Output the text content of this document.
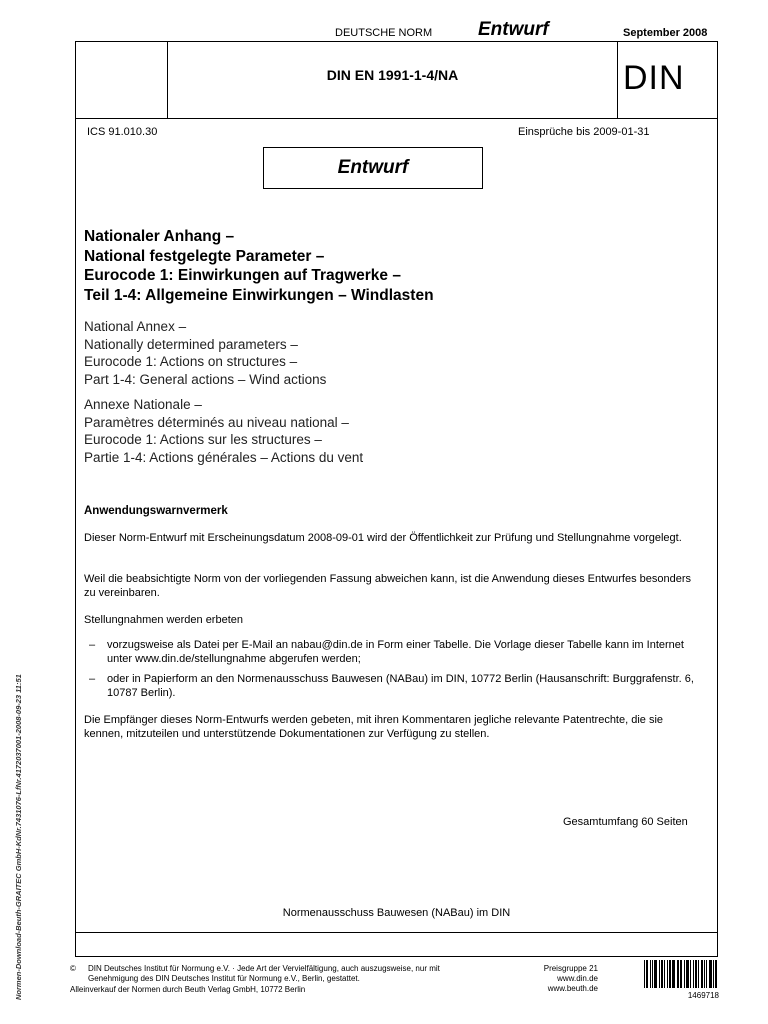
DEUTSCHE NORM Entwurf	September 2008
DIN EN 1991-1-4/NA	DIN
ICS 91.010.30	Einsprüche bis 2009-01-31
Entwurf
Nationaler Anhang –
National festgelegte Parameter –
Eurocode 1: Einwirkungen auf Tragwerke –
Teil 1-4: Allgemeine Einwirkungen – Windlasten
National Annex –
Nationally determined parameters –
Eurocode 1: Actions on structures –
Part 1-4: General actions – Wind actions
Annexe Nationale –
Paramètres déterminés au niveau national –
Eurocode 1: Actions sur les structures –
Partie 1-4: Actions générales – Actions du vent
Anwendungswarnvermerk
Dieser Norm-Entwurf mit Erscheinungsdatum 2008-09-01 wird der Öffentlichkeit zur Prüfung und Stellungnahme vorgelegt.
Weil die beabsichtigte Norm von der vorliegenden Fassung abweichen kann, ist die Anwendung dieses Entwurfes besonders zu vereinbaren.
Stellungnahmen werden erbeten
– vorzugsweise als Datei per E-Mail an nabau@din.de in Form einer Tabelle. Die Vorlage dieser Tabelle kann im Internet unter www.din.de/stellungnahme abgerufen werden;
– oder in Papierform an den Normenausschuss Bauwesen (NABau) im DIN, 10772 Berlin (Hausanschrift: Burggrafenstr. 6, 10787 Berlin).
Die Empfänger dieses Norm-Entwurfs werden gebeten, mit ihren Kommentaren jegliche relevante Patentrechte, die sie kennen, mitzuteilen und unterstützende Dokumentationen zur Verfügung zu stellen.
Gesamtumfang 60 Seiten
Normenausschuss Bauwesen (NABau) im DIN
© DIN Deutsches Institut für Normung e.V. · Jede Art der Vervielfältigung, auch auszugsweise, nur mit Genehmigung des DIN Deutsches Institut für Normung e.V., Berlin, gestattet.
Alleinverkauf der Normen durch Beuth Verlag GmbH, 10772 Berlin
Preisgruppe 21
www.din.de
www.beuth.de
1469718
Normen-Download-Beuth-GRAITEC GmbH-KdNr.7431076-LfNr.4172037001-2008-09-23 11:51
